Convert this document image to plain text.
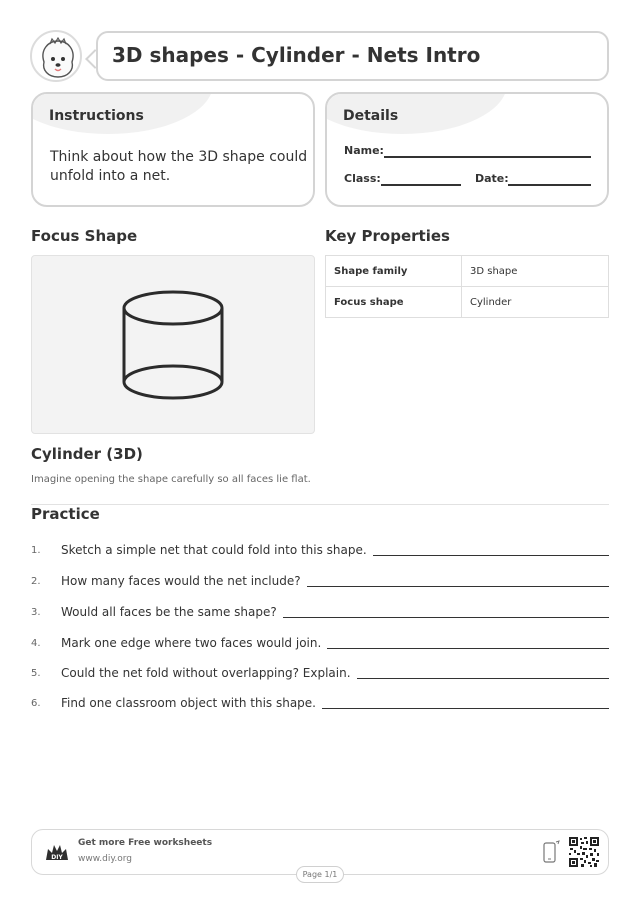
3D shapes - Cylinder - Nets Intro
Instructions
Think about how the 3D shape could unfold into a net.
Details
Name:
Class:	Date:
Focus Shape	Key Properties
Shape family	3D shape
Focus shape	Cylinder
Cylinder (3D)
Imagine opening the shape carefully so all faces lie flat.
Practice
1.	Sketch a simple net that could fold into this shape.
2.	How many faces would the net include?
3.	Would all faces be the same shape?
4.	Mark one edge where two faces would join.
5.	Could the net fold without overlapping? Explain.
6.	Find one classroom object with this shape.
DIY
Get more Free worksheets
www.diy.org
Page 1/1
